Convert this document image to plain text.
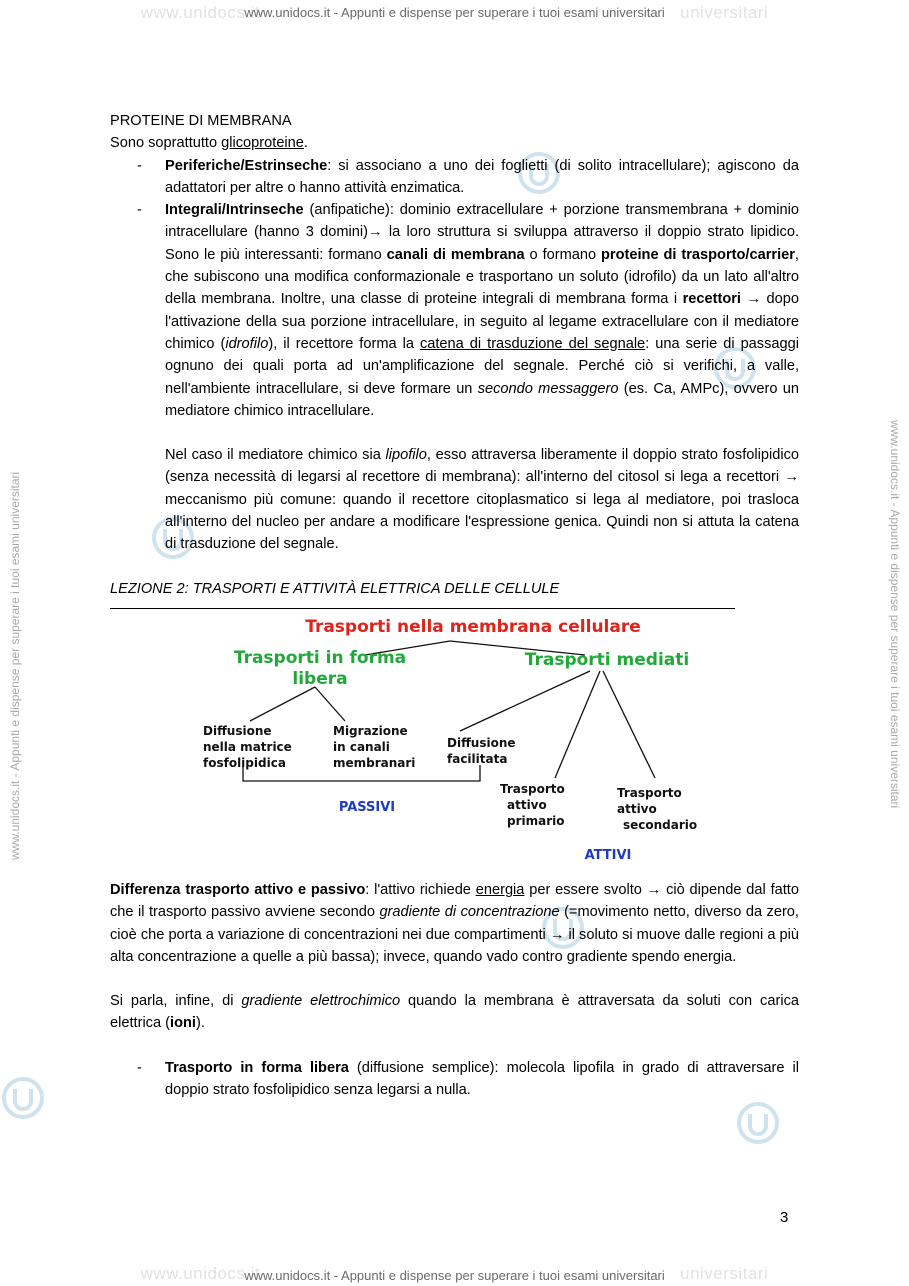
www.unidocs.it	universitari
www.unidocs.it - Appunti e dispense per superare i tuoi esami universitari
www.unidocs.it - Appunti e dispense per superare i tuoi esami universitari	www.unidocs.it - Appunti e dispense per superare i tuoi esami universitari

PROTEINE DI MEMBRANA

Sono soprattutto glicoproteine.

- Periferiche/Estrinseche: si associano a uno dei foglietti (di solito intracellulare); agiscono da adattatori per altre o hanno attività enzimatica.
- Integrali/Intrinseche (anfipatiche): dominio extracellulare + porzione transmembrana + dominio intracellulare (hanno 3 domini)→ la loro struttura si sviluppa attraverso il doppio strato lipidico. Sono le più interessanti: formano canali di membrana o formano proteine di trasporto/carrier, che subiscono una modifica conformazionale e trasportano un soluto (idrofilo) da un lato all'altro della membrana. Inoltre, una classe di proteine integrali di membrana forma i recettori → dopo l'attivazione della sua porzione intracellulare, in seguito al legame extracellulare con il mediatore chimico (idrofilo), il recettore forma la catena di trasduzione del segnale: una serie di passaggi ognuno dei quali porta ad un'amplificazione del segnale. Perché ciò si verifichi, a valle, nell'ambiente intracellulare, si deve formare un secondo messaggero (es. Ca, AMPc), ovvero un mediatore chimico intracellulare.
Nel caso il mediatore chimico sia lipofilo, esso attraversa liberamente il doppio strato fosfolipidico (senza necessità di legarsi al recettore di membrana): all'interno del citosol si lega a recettori → meccanismo più comune: quando il recettore citoplasmatico si lega al mediatore, poi trasloca all'interno del nucleo per andare a modificare l'espressione genica. Quindi non si attuta la catena di trasduzione del segnale.

LEZIONE 2: TRASPORTI E ATTIVITÀ ELETTRICA DELLE CELLULE

Trasporti nella membrana cellulare
Trasporti in forma
libera
Trasporti mediati
Diffusione
nella matrice
fosfolipidica
Migrazione
in canali
membranari
Diffusione
facilitata
Trasporto
attivo
primario
Trasporto
attivo
secondario
PASSIVI
ATTIVI

Differenza trasporto attivo e passivo: l'attivo richiede energia per essere svolto → ciò dipende dal fatto che il trasporto passivo avviene secondo gradiente di concentrazione (=movimento netto, diverso da zero, cioè che porta a variazione di concentrazioni nei due compartimenti → il soluto si muove dalle regioni a più alta concentrazione a quelle a più bassa); invece, quando vado contro gradiente spendo energia.

Si parla, infine, di gradiente elettrochimico quando la membrana è attraversata da soluti con carica elettrica (ioni).

- Trasporto in forma libera (diffusione semplice): molecola lipofila in grado di attraversare il doppio strato fosfolipidico senza legarsi a nulla.
3
www.unidocs.it	universitari
www.unidocs.it - Appunti e dispense per superare i tuoi esami universitari
